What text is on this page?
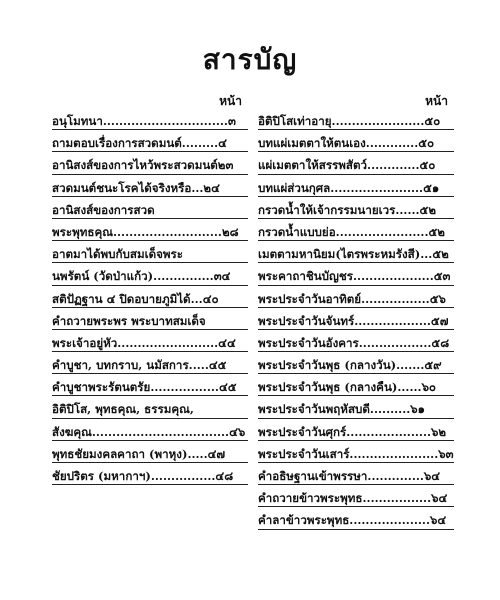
สารบัญ
หน้า
อนุโมทนา...............................๓
ถามตอบเรื่องการสวดมนต์.........๔
อานิสงส์ของการไหว้พระสวดมนต์๒๓
สวดมนต์ชนะโรคได้จริงหรือ...๒๔
อานิสงส์ของการสวด
พระพุทธคุณ...........................๒๘
อาตมาได้พบกับสมเด็จพระ
นพรัตน์ (วัดป่าแก้ว)...............๓๔
สติปัฏฐาน ๔ ปิดอบายภูมิได้...๔๐
คำถวายพระพร พระบาทสมเด็จ
พระเจ้าอยู่หัว.........................๔๔
คำบูชา, บทกราบ, นมัสการ.....๔๕
คำบูชาพระรัตนตรัย.................๔๕
อิติปิโส, พุทธคุณ, ธรรมคุณ,
สังฆคุณ..................................๔๖
พุทธชัยมงคลคาถา (พาหุง).....๔๗
ชัยปริตร (มหากาฯ)................๔๘
หน้า
อิติปิโสเท่าอายุ.......................๕๐
บทแผ่เมตตาให้ตนเอง.............๕๐
แผ่เมตตาให้สรรพสัตว์.............๕๐
บทแผ่ส่วนกุศล.......................๕๑
กรวดน้ำให้เจ้ากรรมนายเวร......๕๒
กรวดน้ำแบบย่อ.......................๕๒
เมตตามหานิยม(ไตรพระหมรังสี)...๕๒
พระคาถาชินบัญชร....................๕๓
พระประจำวันอาทิตย์.................๕๖
พระประจำวันจันทร์...................๕๗
พระประจำวันอังคาร..................๕๘
พระประจำวันพุธ (กลางวัน).......๕๙
พระประจำวันพุธ (กลางคืน)......๖๐
พระประจำวันพฤหัสบดี..........๖๑
พระประจำวันศุกร์.....................๖๒
พระประจำวันเสาร์......................๖๓
คำอธิษฐานเข้าพรรษา..............๖๔
คำถวายข้าวพระพุทธ.................๖๔
คำลาข้าวพระพุทธ....................๖๔
